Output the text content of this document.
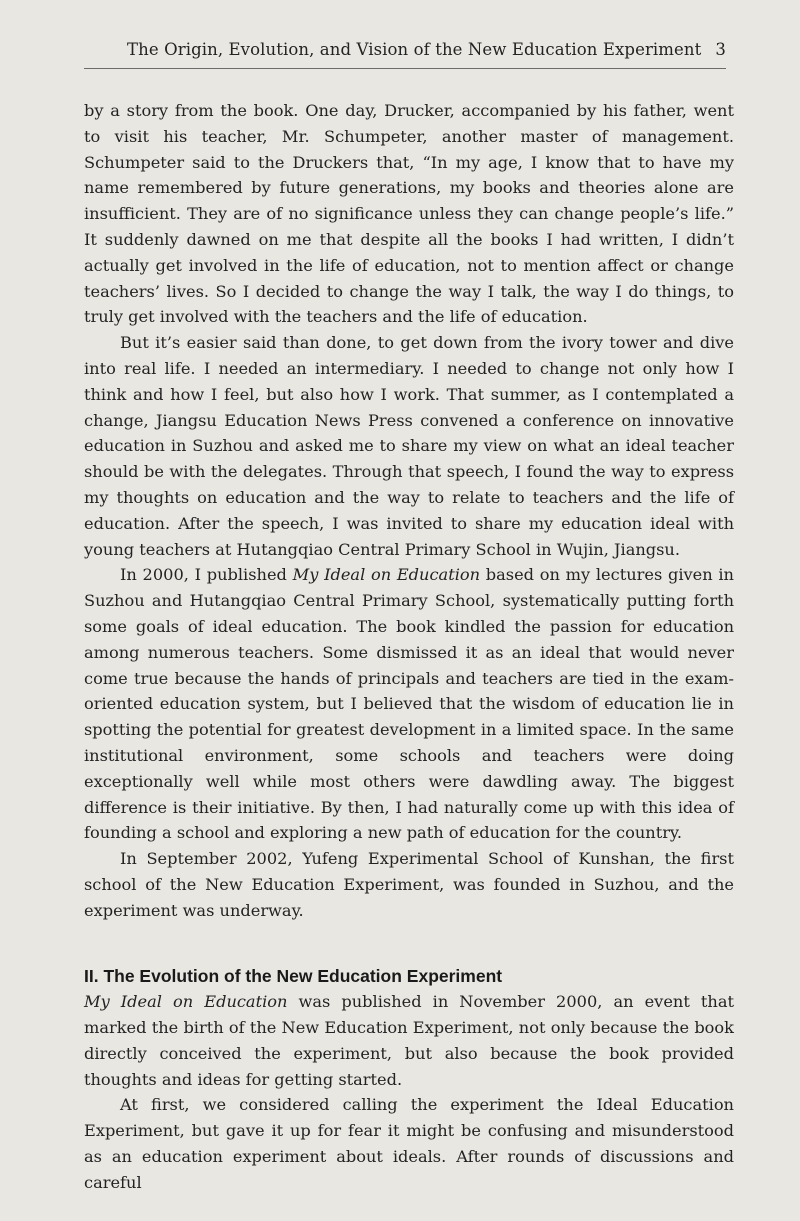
The Origin, Evolution, and Vision of the New Education Experiment 3

by a story from the book. One day, Drucker, accompanied by his father, went to visit his teacher, Mr. Schumpeter, another master of management. Schumpeter said to the Druckers that, “In my age, I know that to have my name remembered by future generations, my books and theories alone are insufficient. They are of no significance unless they can change people’s life.” It suddenly dawned on me that despite all the books I had written, I didn’t actually get involved in the life of education, not to mention affect or change teachers’ lives. So I decided to change the way I talk, the way I do things, to truly get involved with the teachers and the life of education.

But it’s easier said than done, to get down from the ivory tower and dive into real life. I needed an intermediary. I needed to change not only how I think and how I feel, but also how I work. That summer, as I contemplated a change, Jiangsu Education News Press convened a conference on innovative education in Suzhou and asked me to share my view on what an ideal teacher should be with the delegates. Through that speech, I found the way to express my thoughts on education and the way to relate to teachers and the life of education. After the speech, I was invited to share my education ideal with young teachers at Hutangqiao Central Primary School in Wujin, Jiangsu.

In 2000, I published My Ideal on Education based on my lectures given in Suzhou and Hutangqiao Central Primary School, systematically putting forth some goals of ideal education. The book kindled the passion for education among numerous teachers. Some dismissed it as an ideal that would never come true because the hands of principals and teachers are tied in the exam-oriented education system, but I believed that the wisdom of education lie in spotting the potential for greatest development in a limited space. In the same institutional environment, some schools and teachers were doing exceptionally well while most others were dawdling away. The biggest difference is their initiative. By then, I had naturally come up with this idea of founding a school and exploring a new path of education for the country.

In September 2002, Yufeng Experimental School of Kunshan, the first school of the New Education Experiment, was founded in Suzhou, and the experiment was underway.

II. The Evolution of the New Education Experiment

My Ideal on Education was published in November 2000, an event that marked the birth of the New Education Experiment, not only because the book directly conceived the experiment, but also because the book provided thoughts and ideas for getting started.

At first, we considered calling the experiment the Ideal Education Experiment, but gave it up for fear it might be confusing and misunderstood as an education experiment about ideals. After rounds of discussions and careful
